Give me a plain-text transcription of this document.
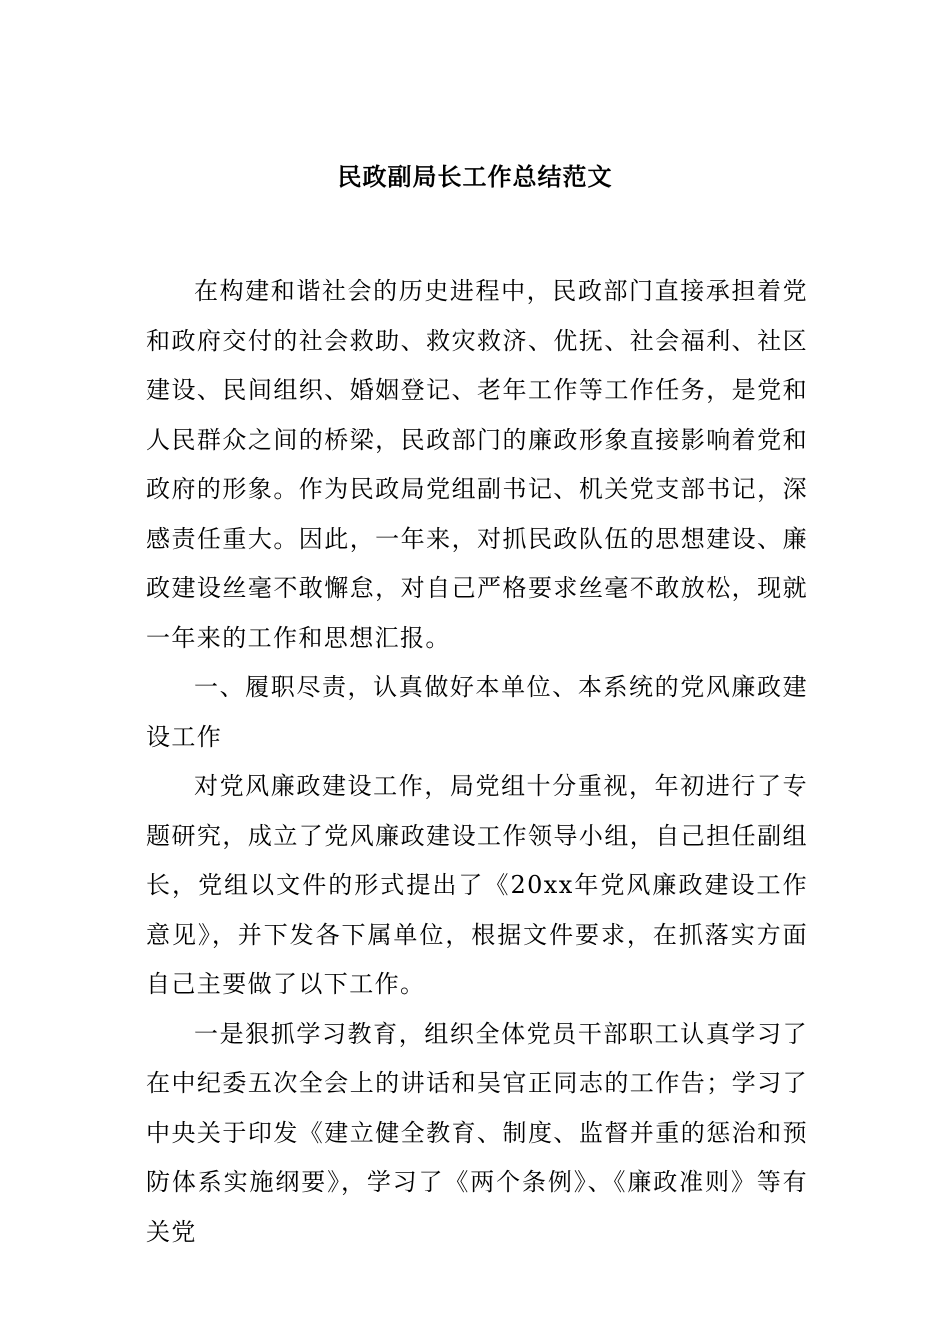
民政副局长工作总结范文

在构建和谐社会的历史进程中，民政部门直接承担着党和政府交付的社会救助、救灾救济、优抚、社会福利、社区建设、民间组织、婚姻登记、老年工作等工作任务，是党和人民群众之间的桥梁，民政部门的廉政形象直接影响着党和政府的形象。作为民政局党组副书记、机关党支部书记，深感责任重大。因此，一年来，对抓民政队伍的思想建设、廉政建设丝毫不敢懈怠，对自己严格要求丝毫不敢放松，现就一年来的工作和思想汇报。

一、履职尽责，认真做好本单位、本系统的党风廉政建设工作

对党风廉政建设工作，局党组十分重视，年初进行了专题研究，成立了党风廉政建设工作领导小组，自己担任副组长，党组以文件的形式提出了《20xx年党风廉政建设工作意见》，并下发各下属单位，根据文件要求，在抓落实方面自己主要做了以下工作。

一是狠抓学习教育，组织全体党员干部职工认真学习了在中纪委五次全会上的讲话和吴官正同志的工作告；学习了中央关于印发《建立健全教育、制度、监督并重的惩治和预防体系实施纲要》，学习了《两个条例》、《廉政准则》等有关党
